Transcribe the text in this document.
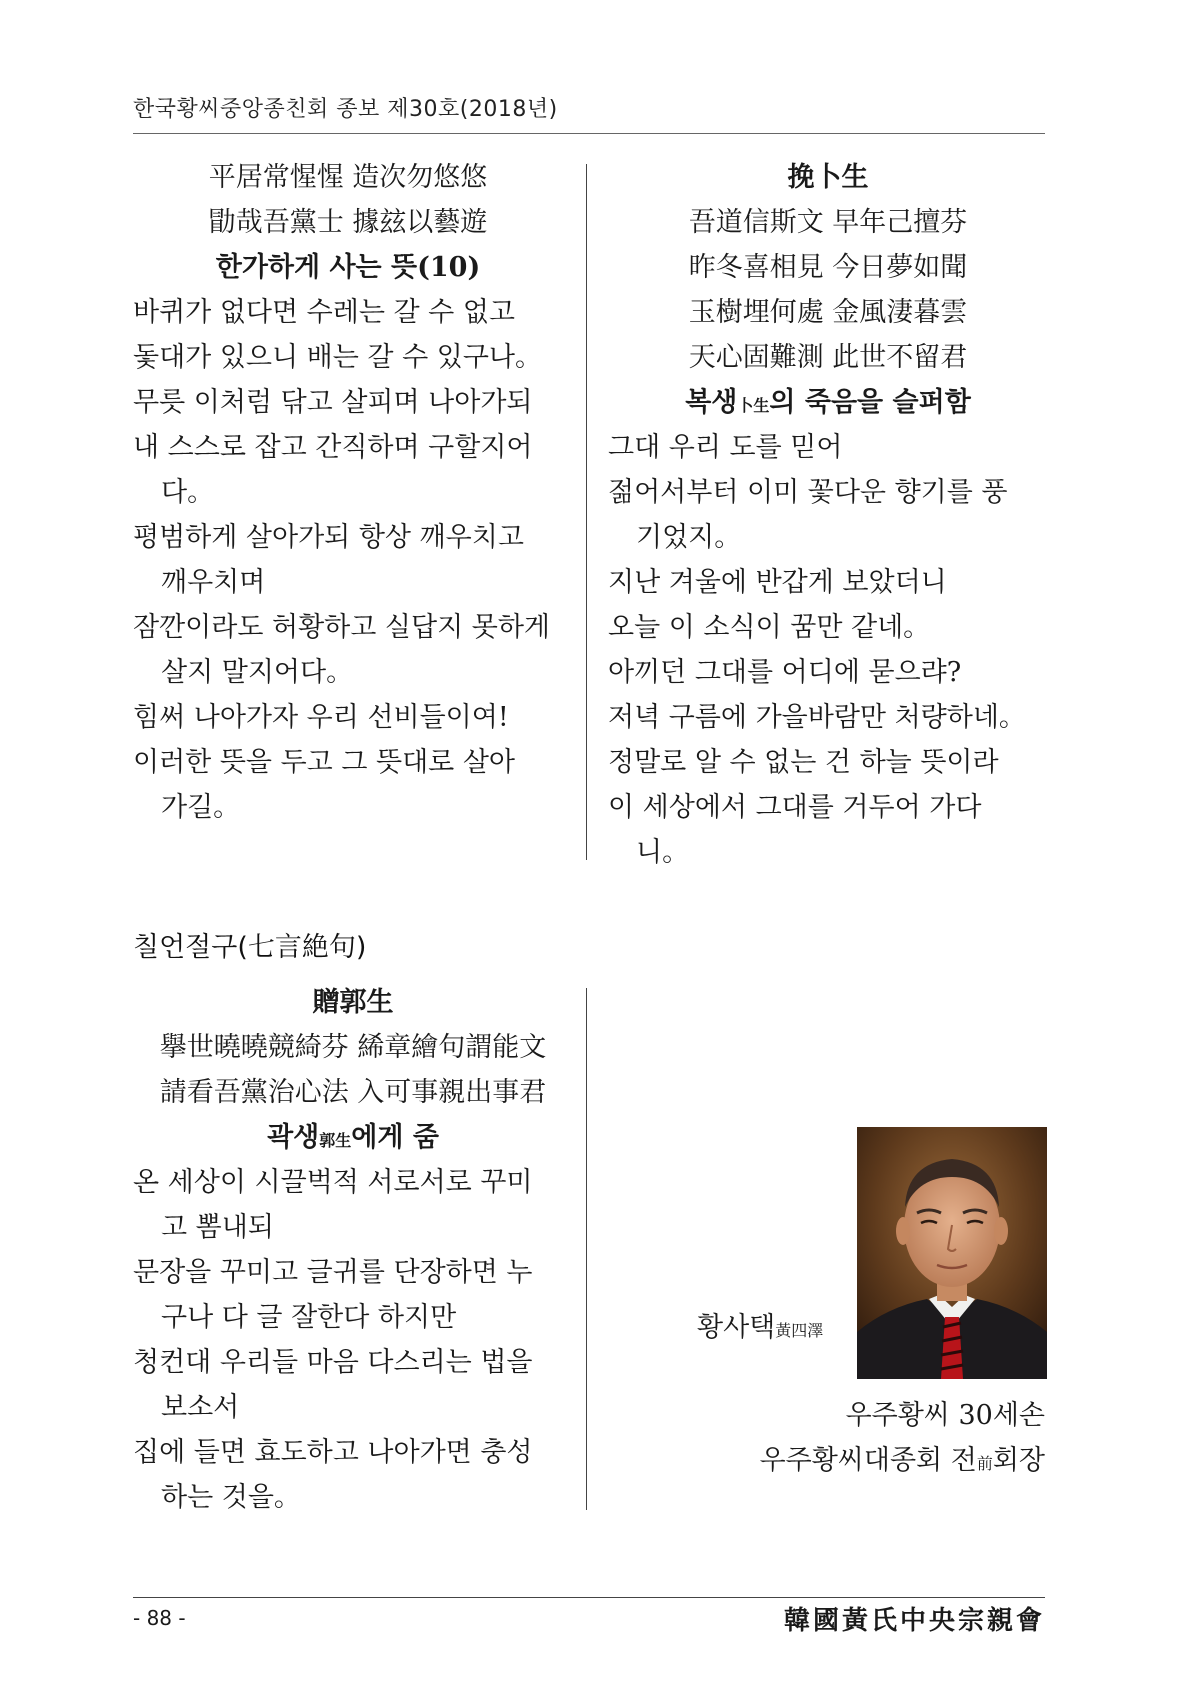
한국황씨중앙종친회 종보 제30호(2018년)
平居常惺惺 造次勿悠悠
勖哉吾黨士 據玆以藝遊
한가하게 사는 뜻(10)
바퀴가 없다면 수레는 갈 수 없고
돛대가 있으니 배는 갈 수 있구나。
무릇 이처럼 닦고 살피며 나아가되
내 스스로 잡고 간직하며 구할지어
다。
평범하게 살아가되 항상 깨우치고
깨우치며
잠깐이라도 허황하고 실답지 못하게
살지 말지어다。
힘써 나아가자 우리 선비들이여!
이러한 뜻을 두고 그 뜻대로 살아
가길。
挽卜生
吾道信斯文 早年己擅芬
昨冬喜相見 今日夢如聞
玉樹埋何處 金風淒暮雲
天心固難測 此世不留君
복생卜生의 죽음을 슬퍼함
그대 우리 도를 믿어
젊어서부터 이미 꽃다운 향기를 풍
기었지。
지난 겨울에 반갑게 보았더니
오늘 이 소식이 꿈만 같네。
아끼던 그대를 어디에 묻으랴?
저녁 구름에 가을바람만 처량하네。
정말로 알 수 없는 건 하늘 뜻이라
이 세상에서 그대를 거두어 가다
니。
칠언절구(七言絶句)
贈郭生
擧世曉曉競綺芬 絺章繪句謂能文
請看吾黨治心法 入可事親出事君
곽생郭生에게 줌
온 세상이 시끌벅적 서로서로 꾸미
고 뽐내되
문장을 꾸미고 글귀를 단장하면 누
구나 다 글 잘한다 하지만
청컨대 우리들 마음 다스리는 법을
보소서
집에 들면 효도하고 나아가면 충성
하는 것을。
황사택黃四澤
우주황씨 30세손
우주황씨대종회 전前회장
- 88 -	韓國黃氏中央宗親會
